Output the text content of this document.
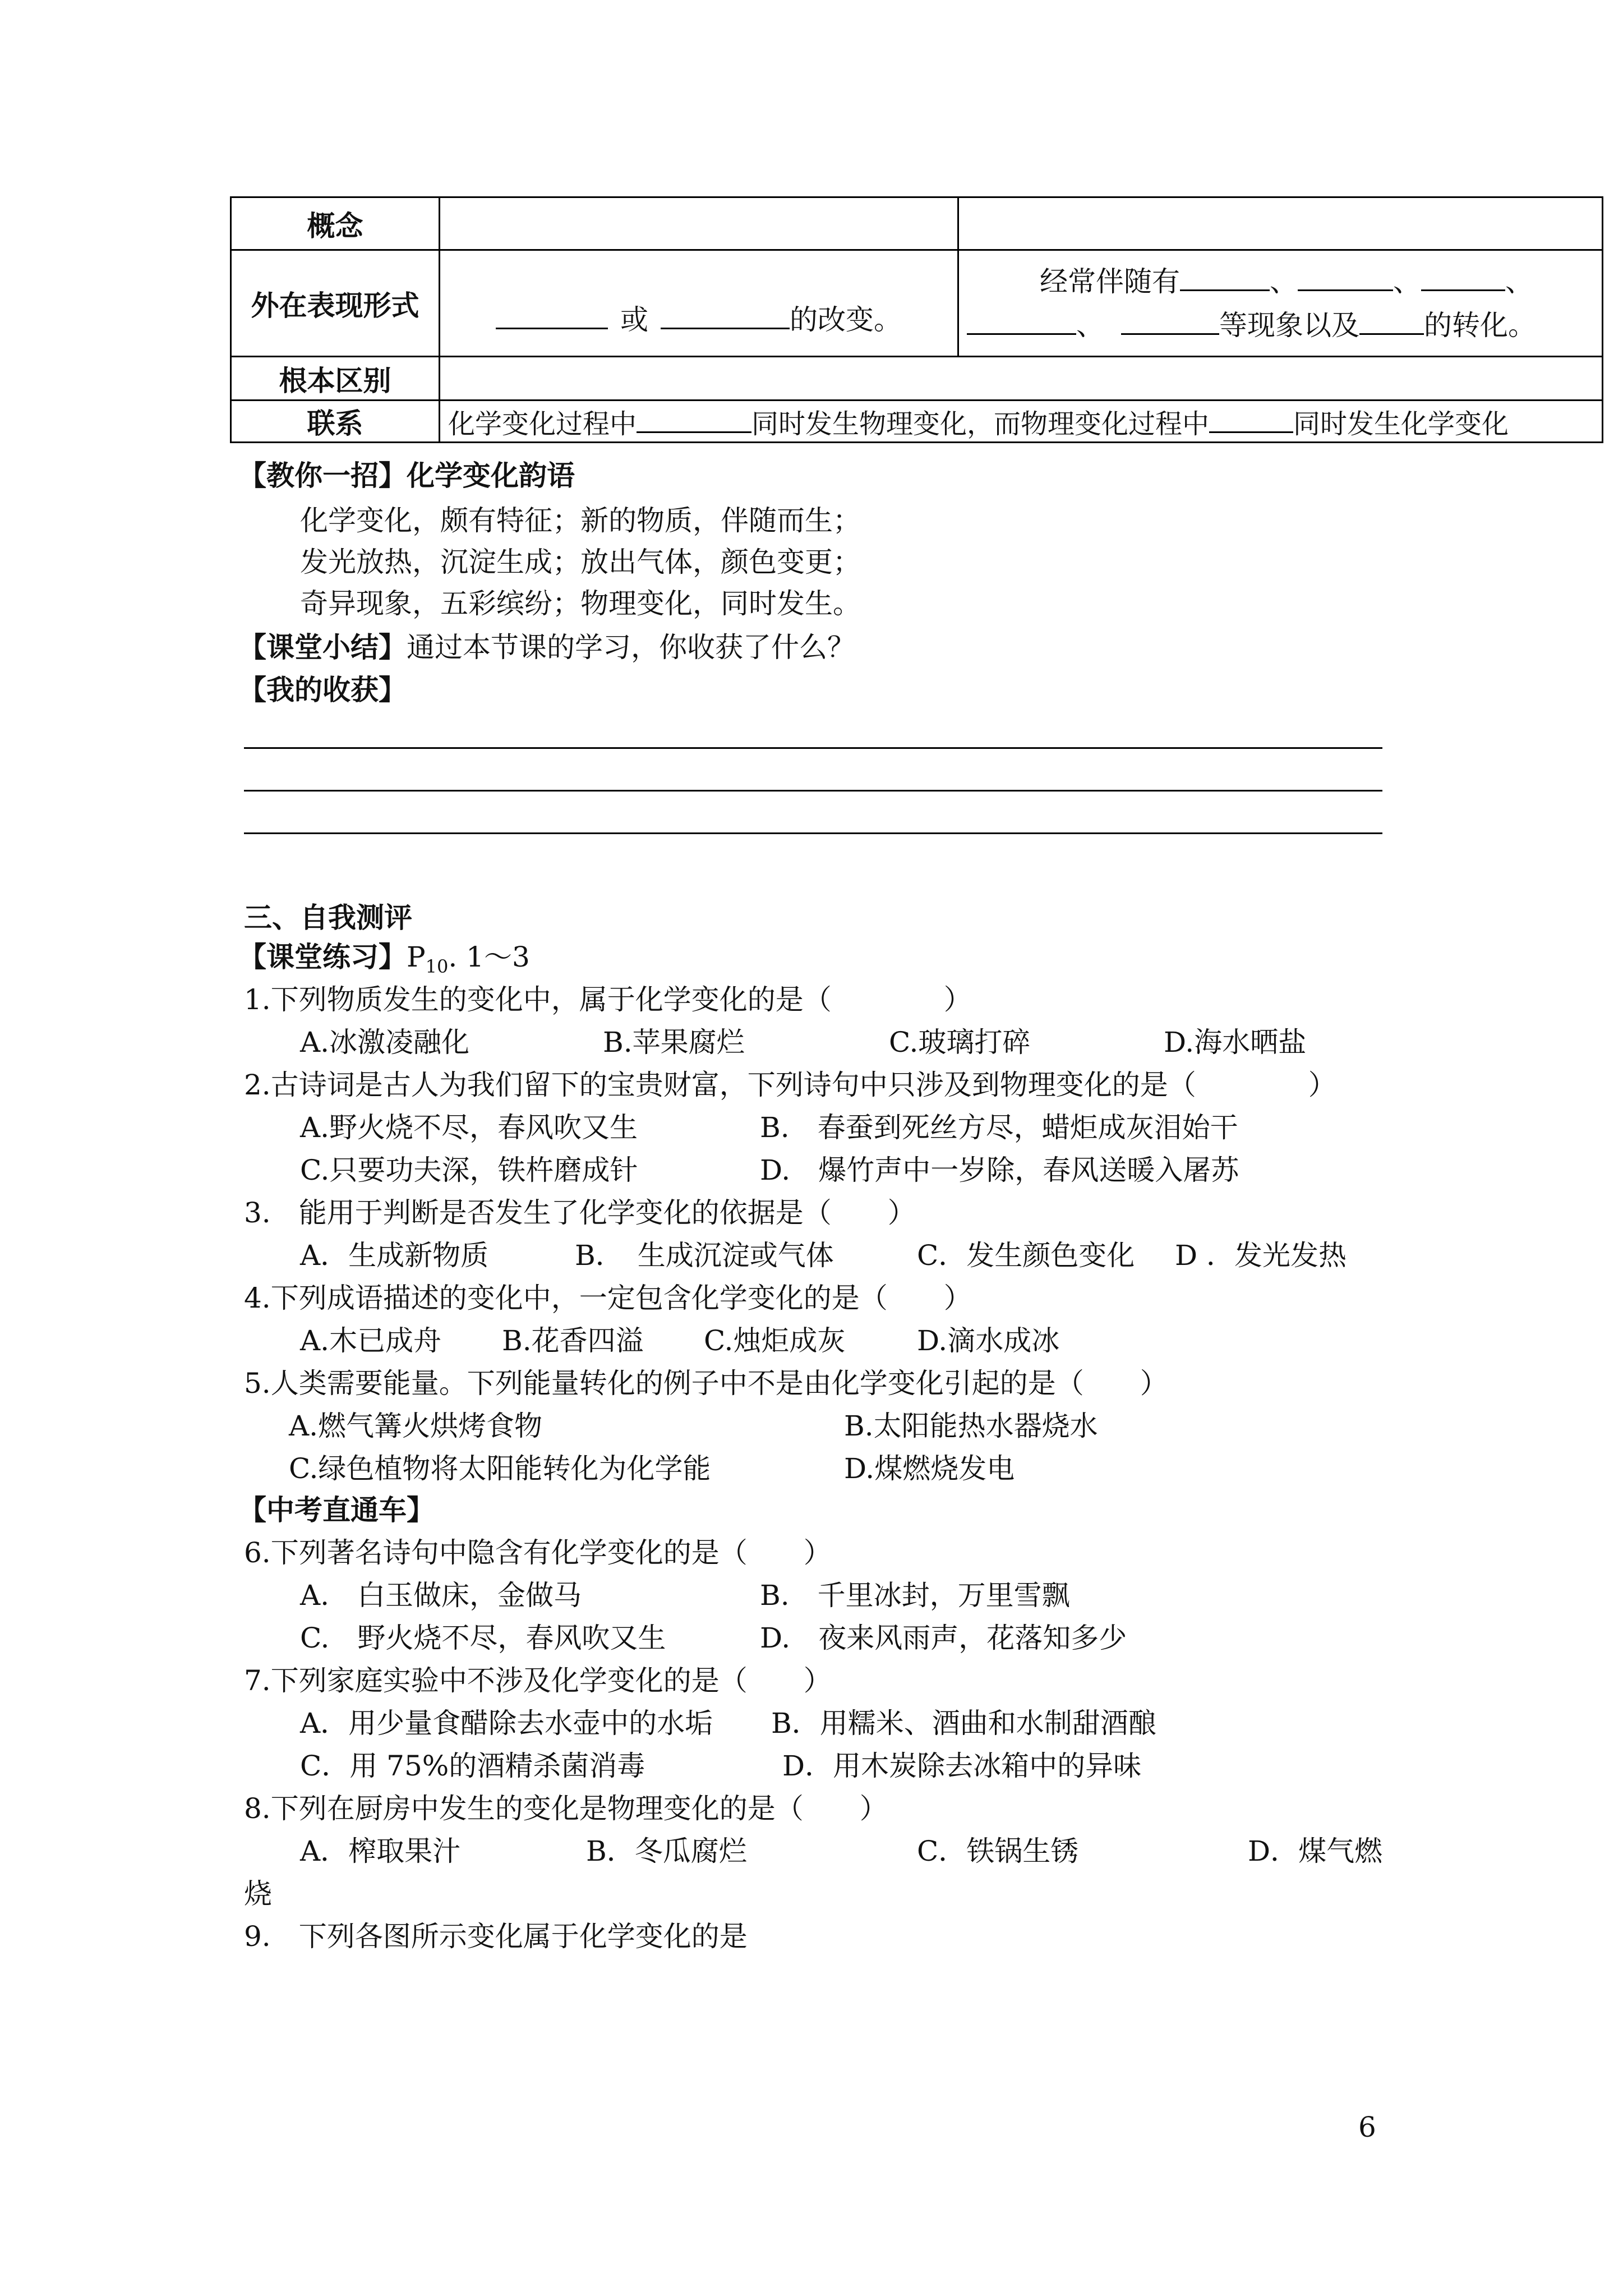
概念		
外在表现形式	或 的改变。	经常伴随有 、 、 、
、 等现象以及 的转化。

根本区别		
联系	化学变化过程中 同时发生物理变化，而物理变化过程中 同时发生化学变化	
【教你一招】化学变化韵语
化学变化，颇有特征；新的物质，伴随而生；
发光放热，沉淀生成；放出气体，颜色变更；
奇异现象，五彩缤纷；物理变化，同时发生。
【课堂小结】通过本节课的学习，你收获了什么？
【我的收获】
三、自我测评
【课堂练习】$P_{10}$. 1～3
1.下列物质发生的变化中，属于化学变化的是（　　　　）
A.冰激凌融化	B.苹果腐烂	C.玻璃打碎	D.海水晒盐
2.古诗词是古人为我们留下的宝贵财富，下列诗句中只涉及到物理变化的是（　　　　）
A.野火烧不尽，春风吹又生	B.　春蚕到死丝方尽，蜡炬成灰泪始干
C.只要功夫深，铁杵磨成针	D.　爆竹声中一岁除，春风送暖入屠苏
3.　能用于判断是否发生了化学变化的依据是（　　）
A．生成新物质	B．　生成沉淀或气体	C．发生颜色变化 D ．发光发热
4.下列成语描述的变化中，一定包含化学变化的是（　　）
A.木已成舟 B.花香四溢 C.烛炬成灰	D.滴水成冰
5.人类需要能量。下列能量转化的例子中不是由化学变化引起的是（　　）
A.燃气篝火烘烤食物	B.太阳能热水器烧水
C.绿色植物将太阳能转化为化学能	D.煤燃烧发电
【中考直通车】
6.下列著名诗句中隐含有化学变化的是（　　）
A.　白玉做床，金做马	B.　千里冰封，万里雪飘
C.　野火烧不尽，春风吹又生	D.　夜来风雨声，花落知多少
7.下列家庭实验中不涉及化学变化的是（　　）
A．用少量食醋除去水壶中的水垢 B．用糯米、酒曲和水制甜酒酿
C．用 75%的酒精杀菌消毒	D．用木炭除去冰箱中的异味
8.下列在厨房中发生的变化是物理变化的是（　　）
A．榨取果汁	B．冬瓜腐烂	C．铁锅生锈	D．煤气燃
烧
9.　下列各图所示变化属于化学变化的是
6
